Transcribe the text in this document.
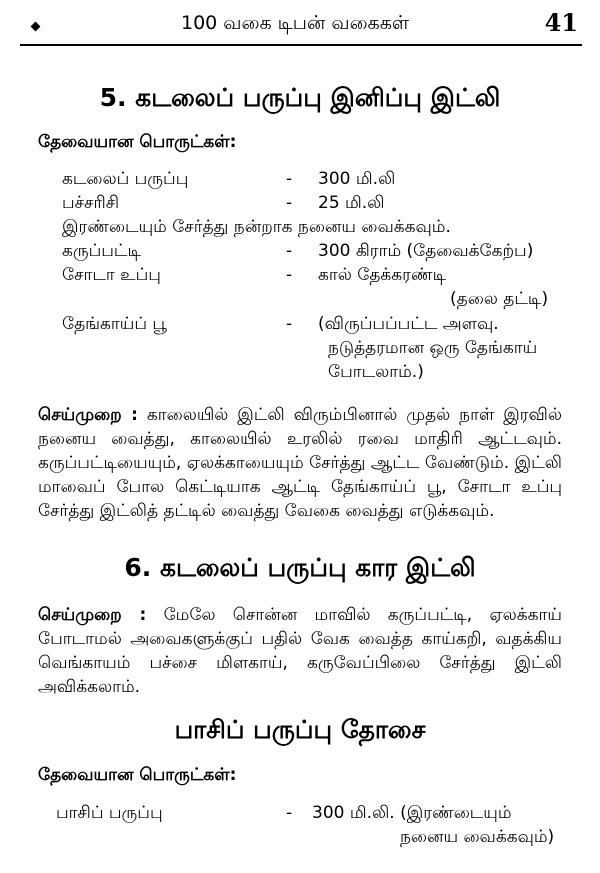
100 வகை டிபன் வகைகள்	41
5. கடலைப் பருப்பு இனிப்பு இட்லி
தேவையான பொருட்கள்:
கடலைப் பருப்பு	- 300 மி.லி
பச்சரிசி	- 25 மி.லி
இரண்டையும் சேர்த்து நன்றாக நனைய வைக்கவும்.
கருப்பட்டி	- 300 கிராம் (தேவைக்கேற்ப)
சோடா உப்பு	- கால் தேக்கரண்டி
(தலை தட்டி)
தேங்காய்ப் பூ	- (விருப்பப்பட்ட அளவு.
நடுத்தரமான ஒரு தேங்காய்
போடலாம்.)
செய்முறை : காலையில் இட்லி விரும்பினால் முதல் நாள் இரவில் நனைய வைத்து, காலையில் உரலில் ரவை மாதிரி ஆட்டவும். கருப்பட்டியையும், ஏலக்காயையும் சேர்த்து ஆட்ட வேண்டும். இட்லி மாவைப் போல கெட்டியாக ஆட்டி தேங்காய்ப் பூ, சோடா உப்பு சேர்த்து இட்லித் தட்டில் வைத்து வேகை வைத்து எடுக்கவும்.
6. கடலைப் பருப்பு கார இட்லி
செய்முறை : மேலே சொன்ன மாவில் கருப்பட்டி, ஏலக்காய் போடாமல் அவைகளுக்குப் பதில் வேக வைத்த காய்கறி, வதக்கிய வெங்காயம் பச்சை மிளகாய், கருவேப்பிலை சேர்த்து இட்லி அவிக்கலாம்.
பாசிப் பருப்பு தோசை
தேவையான பொருட்கள்:
பாசிப் பருப்பு	- 300 மி.லி. (இரண்டையும்
நனைய வைக்கவும்)
